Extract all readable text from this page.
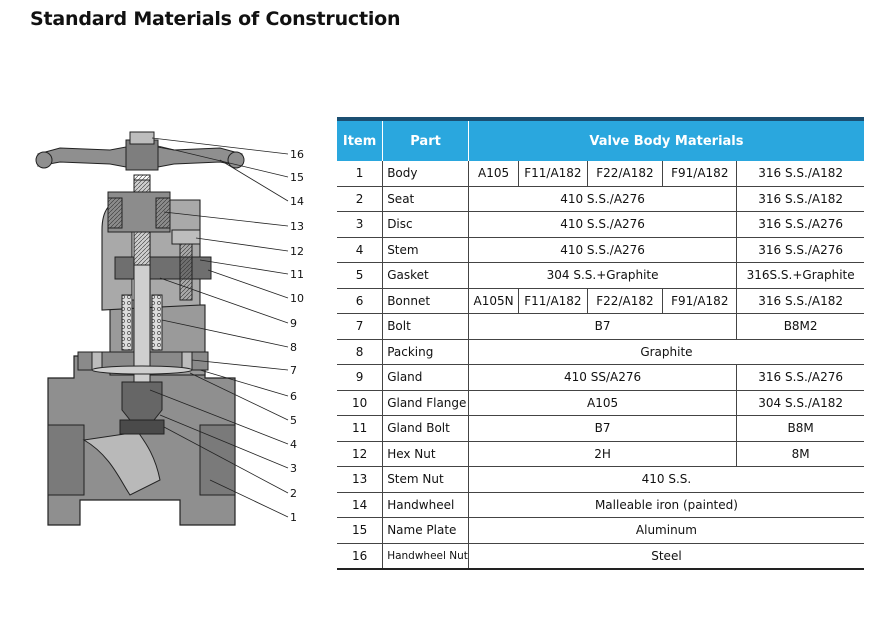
Standard Materials of Construction
16
15
14
13
12
11
10
9
8
7
6
5
4
3
2
1
Item	Part	Valve Body Materials				
1	Body	A105	F11/A182	F22/A182	F91/A182	316 S.S./A182
2	Seat	410 S.S./A276				316 S.S./A182
3	Disc	410 S.S./A276				316 S.S./A276
4	Stem	410 S.S./A276				316 S.S./A276
5	Gasket	304 S.S.+Graphite				316S.S.+Graphite
6	Bonnet	A105N	F11/A182	F22/A182	F91/A182	316 S.S./A182
7	Bolt	B7				B8M2
8	Packing	Graphite				
9	Gland	410 SS/A276				316 S.S./A276
10	Gland Flange	A105				304 S.S./A182
11	Gland Bolt	B7				B8M
12	Hex Nut	2H				8M
13	Stem Nut	410 S.S.				
14	Handwheel	Malleable iron (painted)				
15	Name Plate	Aluminum				
16	Handwheel Nut	Steel				
